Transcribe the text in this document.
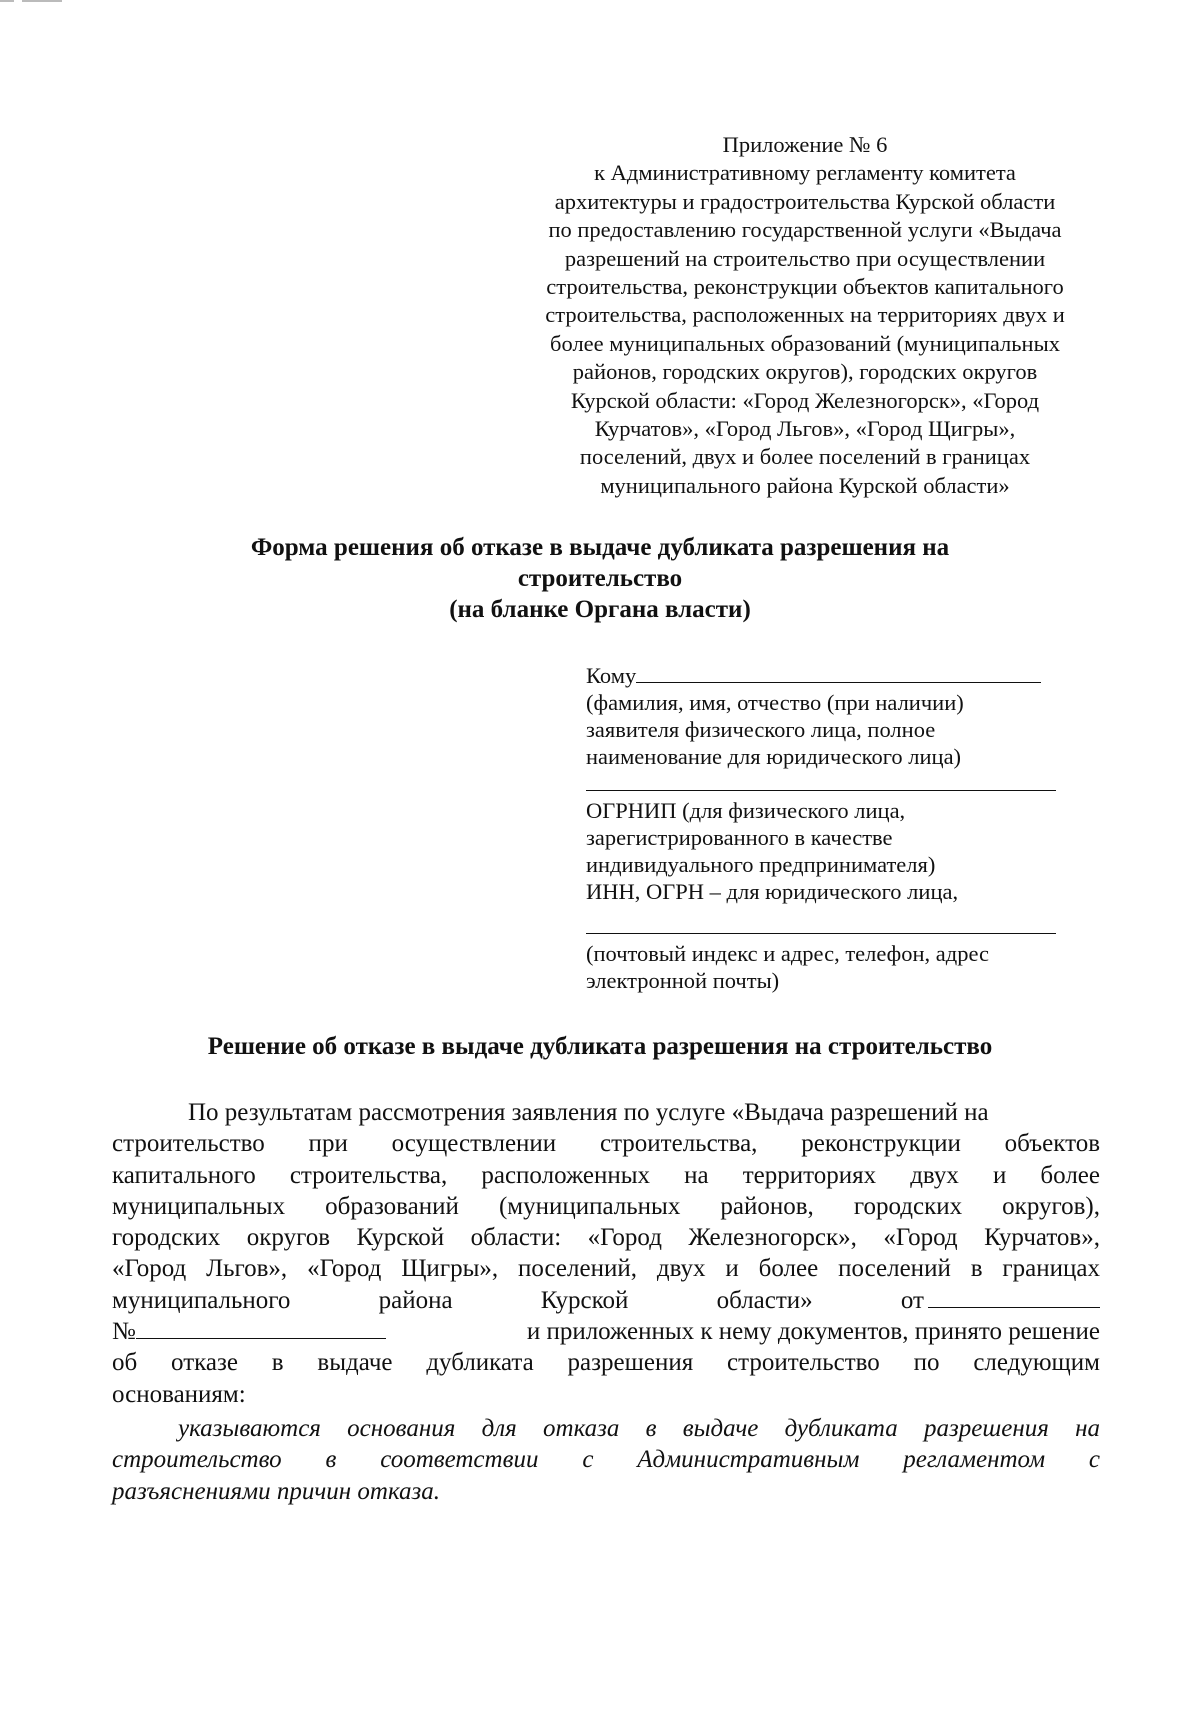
Приложение № 6
к Административному регламенту комитета
архитектуры и градостроительства Курской области
по предоставлению государственной услуги «Выдача
разрешений на строительство при осуществлении
строительства, реконструкции объектов капитального
строительства, расположенных на территориях двух и
более муниципальных образований (муниципальных
районов, городских округов), городских округов
Курской области: «Город Железногорск», «Город
Курчатов», «Город Льгов», «Город Щигры»,
поселений, двух и более поселений в границах
муниципального района Курской области»
Форма решения об отказе в выдаче дубликата разрешения на
строительство
(на бланке Органа власти)
Кому
(фамилия, имя, отчество (при наличии)
заявителя физического лица, полное
наименование для юридического лица)
ОГРНИП (для физического лица,
зарегистрированного в качестве
индивидуального предпринимателя)
ИНН, ОГРН – для юридического лица,
(почтовый индекс и адрес, телефон, адрес
электронной почты)
Решение об отказе в выдаче дубликата разрешения на строительство
По результатам рассмотрения заявления по услуге «Выдача разрешений на
строительство при осуществлении строительства, реконструкции объектов
капитального строительства, расположенных на территориях двух и более
муниципальных образований (муниципальных районов, городских округов),
городских округов Курской области: «Город Железногорск», «Город Курчатов»,
«Город Льгов», «Город Щигры», поселений, двух и более поселений в границах
муниципального	района	Курской	области»	от
№	и приложенных к нему документов, принято решение
об отказе в выдаче дубликата разрешения строительство по следующим
основаниям:
указываются основания для отказа в выдаче дубликата разрешения на
строительство в соответствии с Административным регламентом с
разъяснениями причин отказа.
